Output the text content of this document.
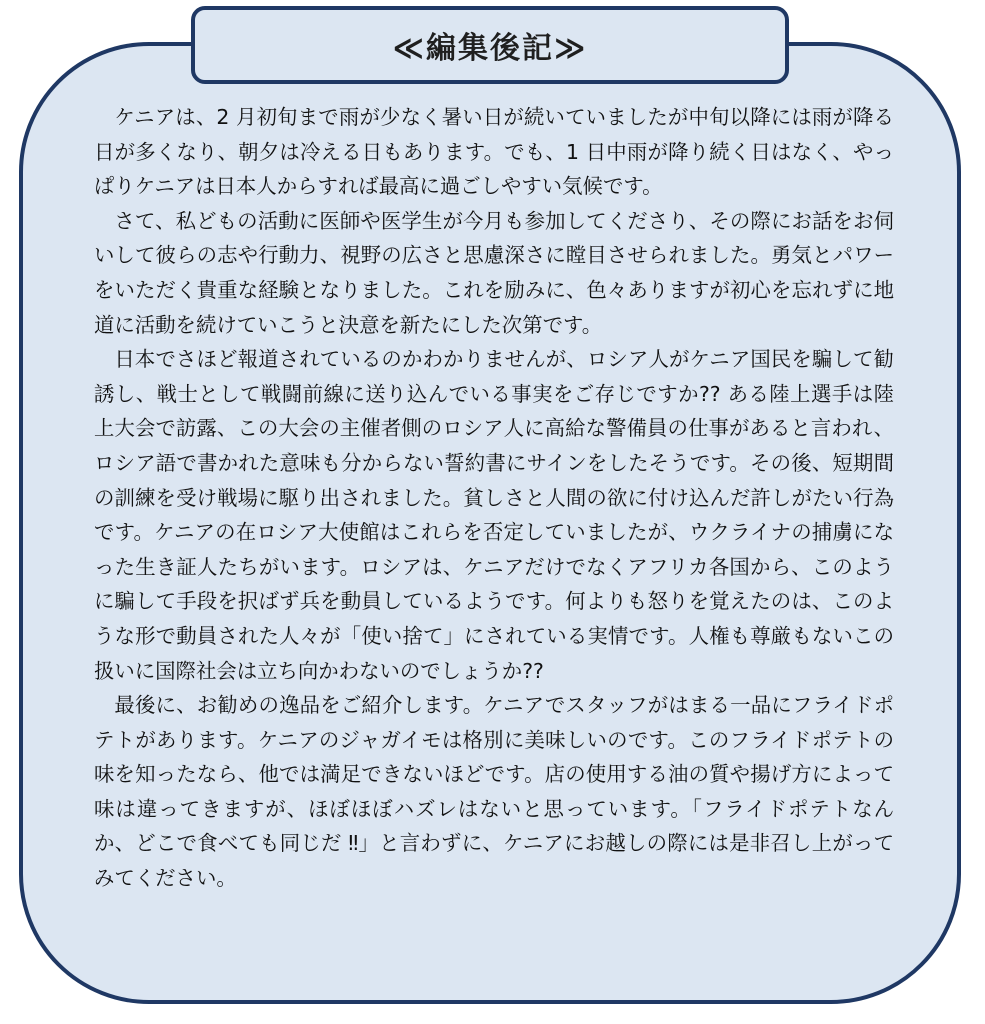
≪編集後記≫

ケニアは、2 月初旬まで雨が少なく暑い日が続いていましたが中旬以降には雨が降る日が多くなり、朝夕は冷える日もあります。でも、1 日中雨が降り続く日はなく、やっぱりケニアは日本人からすれば最高に過ごしやすい気候です。

さて、私どもの活動に医師や医学生が今月も参加してくださり、その際にお話をお伺いして彼らの志や行動力、視野の広さと思慮深さに瞠目させられました。勇気とパワーをいただく貴重な経験となりました。これを励みに、色々ありますが初心を忘れずに地道に活動を続けていこうと決意を新たにした次第です。

日本でさほど報道されているのかわかりませんが、ロシア人がケニア国民を騙して勧誘し、戦士として戦闘前線に送り込んでいる事実をご存じですか?? ある陸上選手は陸上大会で訪露、この大会の主催者側のロシア人に高給な警備員の仕事があると言われ、ロシア語で書かれた意味も分からない誓約書にサインをしたそうです。その後、短期間の訓練を受け戦場に駆り出されました。貧しさと人間の欲に付け込んだ許しがたい行為です。ケニアの在ロシア大使館はこれらを否定していましたが、ウクライナの捕虜になった生き証人たちがいます。ロシアは、ケニアだけでなくアフリカ各国から、このように騙して手段を択ばず兵を動員しているようです。何よりも怒りを覚えたのは、このような形で動員された人々が「使い捨て」にされている実情です。人権も尊厳もないこの扱いに国際社会は立ち向かわないのでしょうか??

最後に、お勧めの逸品をご紹介します。ケニアでスタッフがはまる一品にフライドポテトがあります。ケニアのジャガイモは格別に美味しいのです。このフライドポテトの味を知ったなら、他では満足できないほどです。店の使用する油の質や揚げ方によって味は違ってきますが、ほぼほぼハズレはないと思っています。「フライドポテトなんか、どこで食べても同じだ ‼」と言わずに、ケニアにお越しの際には是非召し上がってみてください。
